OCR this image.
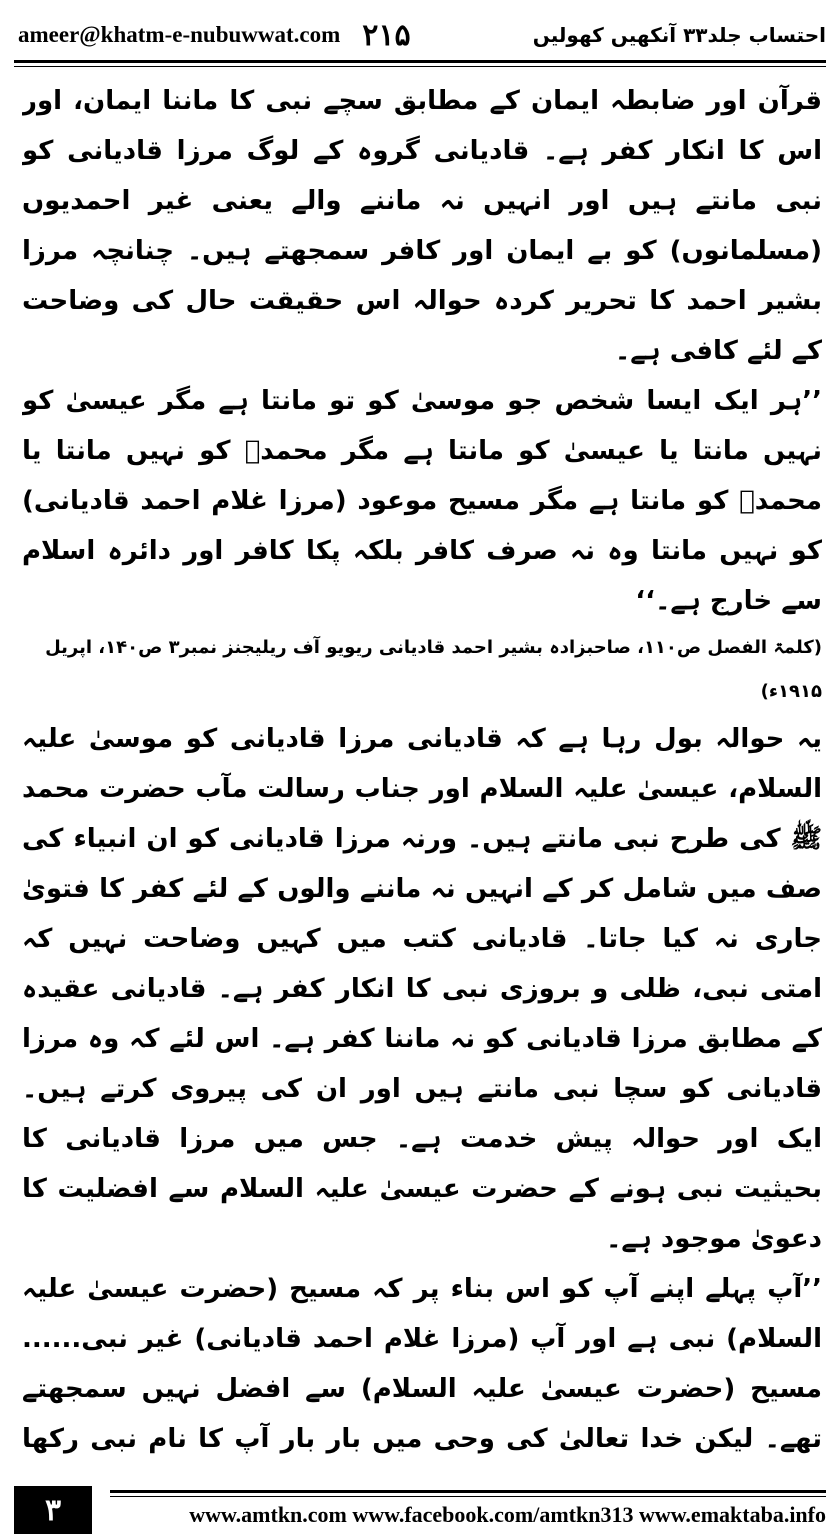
ameer@khatm-e-nubuwwat.com ۲۱۵	احتساب جلد۳۳ آنکھیں کھولیں

قرآن اور ضابطہ ایمان کے مطابق سچے نبی کا ماننا ایمان، اور اس کا انکار کفر ہے۔ قادیانی گروہ کے لوگ مرزا قادیانی کو نبی مانتے ہیں اور انہیں نہ ماننے والے یعنی غیر احمدیوں (مسلمانوں) کو بے ایمان اور کافر سمجھتے ہیں۔ چنانچہ مرزا بشیر احمد کا تحریر کردہ حوالہ اس حقیقت حال کی وضاحت کے لئے کافی ہے۔

’’ہر ایک ایسا شخص جو موسیٰ کو تو مانتا ہے مگر عیسیٰ کو نہیں مانتا یا عیسیٰ کو مانتا ہے مگر محمدؐ کو نہیں مانتا یا محمدؐ کو مانتا ہے مگر مسیح موعود (مرزا غلام احمد قادیانی) کو نہیں مانتا وہ نہ صرف کافر بلکہ پکا کافر اور دائرہ اسلام سے خارج ہے۔‘‘

(کلمۃ الفصل ص۱۱۰، صاحبزادہ بشیر احمد قادیانی ریویو آف ریلیجنز نمبر۳ ص۱۴۰، اپریل ۱۹۱۵ء)

یہ حوالہ بول رہا ہے کہ قادیانی مرزا قادیانی کو موسیٰ علیہ السلام، عیسیٰ علیہ السلام اور جناب رسالت مآب حضرت محمد ﷺ کی طرح نبی مانتے ہیں۔ ورنہ مرزا قادیانی کو ان انبیاء کی صف میں شامل کر کے انہیں نہ ماننے والوں کے لئے کفر کا فتویٰ جاری نہ کیا جاتا۔ قادیانی کتب میں کہیں وضاحت نہیں کہ امتی نبی، ظلی و بروزی نبی کا انکار کفر ہے۔ قادیانی عقیدہ کے مطابق مرزا قادیانی کو نہ ماننا کفر ہے۔ اس لئے کہ وہ مرزا قادیانی کو سچا نبی مانتے ہیں اور ان کی پیروی کرتے ہیں۔ ایک اور حوالہ پیش خدمت ہے۔ جس میں مرزا قادیانی کا بحیثیت نبی ہونے کے حضرت عیسیٰ علیہ السلام سے افضلیت کا دعویٰ موجود ہے۔

’’آپ پہلے اپنے آپ کو اس بناء پر کہ مسیح (حضرت عیسیٰ علیہ السلام) نبی ہے اور آپ (مرزا غلام احمد قادیانی) غیر نبی...... مسیح (حضرت عیسیٰ علیہ السلام) سے افضل نہیں سمجھتے تھے۔ لیکن خدا تعالیٰ کی وحی میں بار بار آپ کا نام نبی رکھا

۳	www.amtkn.com www.facebook.com/amtkn313 www.emaktaba.info
